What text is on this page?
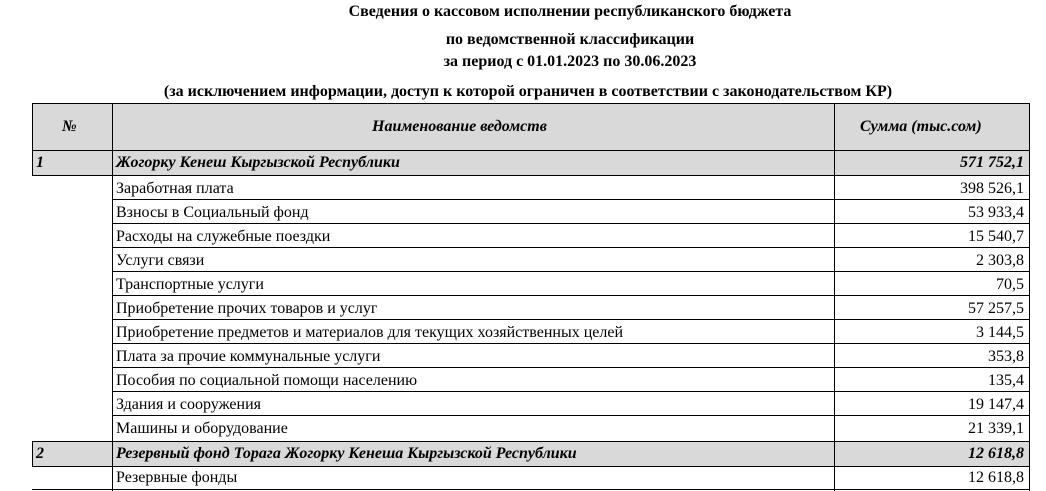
Сведения о кассовом исполнении республиканского бюджета
по ведомственной классификации
за период с 01.01.2023 по 30.06.2023
(за исключением информации, доступ к которой ограничен в соответствии с законодательством КР)
№	Наименование ведомств	Сумма (тыс.сом)
1	Жогорку Кенеш Кыргызской Республики	571 752,1
Заработная плата	398 526,1
Взносы в Социальный фонд	53 933,4
Расходы на служебные поездки	15 540,7
Услуги связи	2 303,8
Транспортные услуги	70,5
Приобретение прочих товаров и услуг	57 257,5
Приобретение предметов и материалов для текущих хозяйственных целей	3 144,5
Плата за прочие коммунальные услуги	353,8
Пособия по социальной помощи населению	135,4
Здания и сооружения	19 147,4
Машины и оборудование	21 339,1
2	Резервный фонд Торага Жогорку Кенеша Кыргызской Республики	12 618,8
Резервные фонды	12 618,8
